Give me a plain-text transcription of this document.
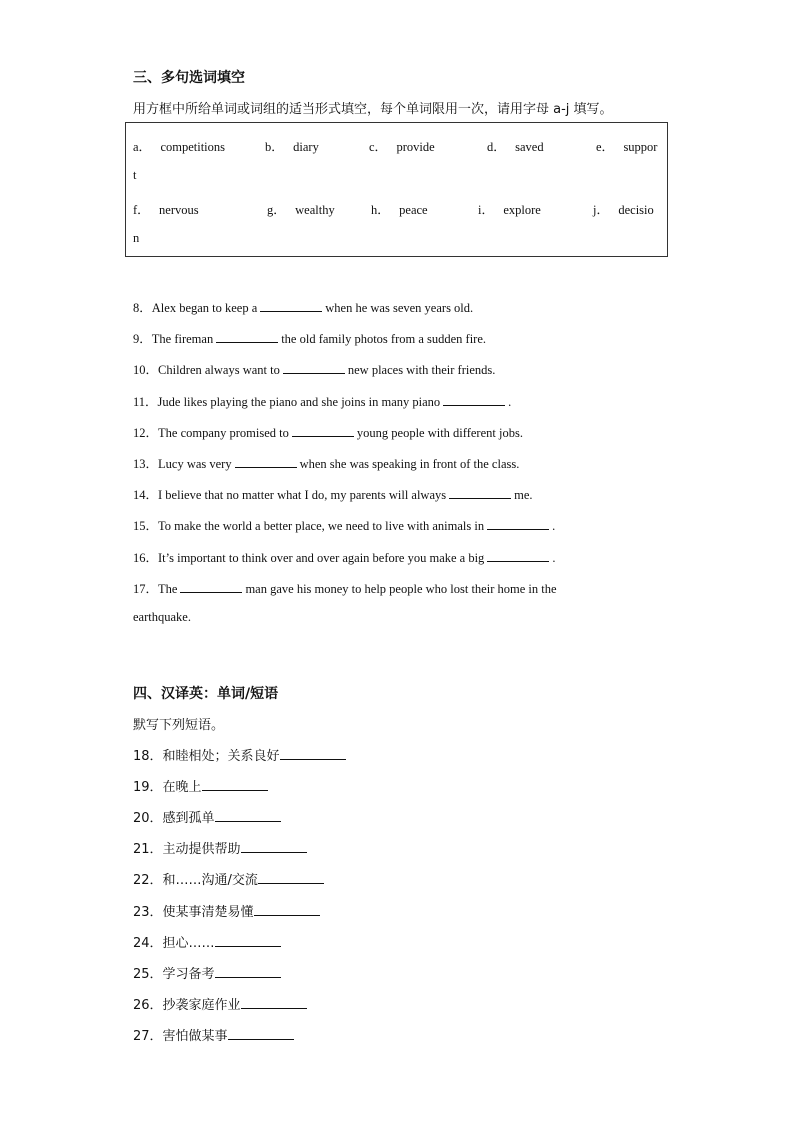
三、多句选词填空
用方框中所给单词或词组的适当形式填空，每个单词限用一次，请用字母 a-j 填写。
a． competitions	b． diary	c． provide	d． saved	e． suppor
t
f． nervous	g． wealthy	h． peace	i． explore	j． decisio
n
8．Alex began to keep a	when he was seven years old.
9．The fireman	the old family photos from a sudden fire.
10．Children always want to	new places with their friends.
11．Jude likes playing the piano and she joins in many piano	.
12．The company promised to	young people with different jobs.
13．Lucy was very	when she was speaking in front of the class.
14．I believe that no matter what I do, my parents will always	me.
15．To make the world a better place, we need to live with animals in	.
16．It’s important to think over and over again before you make a big	.
17．The	man gave his money to help people who lost their home in the
earthquake.
四、汉译英：单词/短语
默写下列短语。
18．和睦相处；关系良好
19．在晚上
20．感到孤单
21．主动提供帮助
22．和……沟通/交流
23．使某事清楚易懂
24．担心……
25．学习备考
26．抄袭家庭作业
27．害怕做某事
